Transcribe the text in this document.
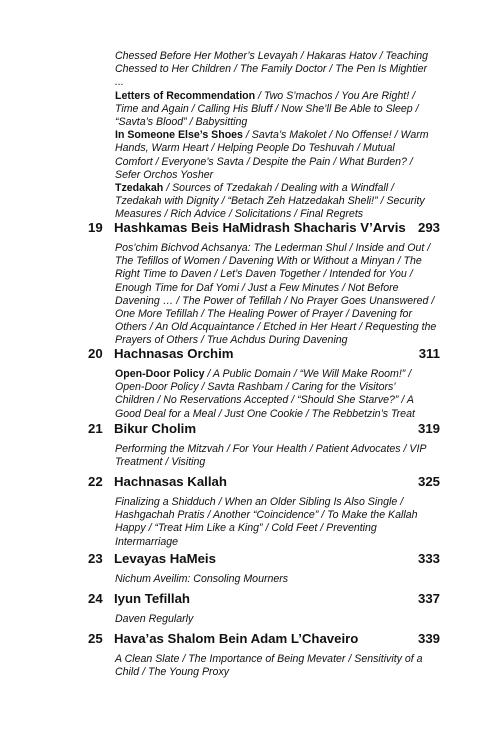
Chessed Before Her Mother’s Levayah / Hakaras Hatov / Teaching Chessed to Her Children / The Family Doctor / The Pen Is Mightier ...

Letters of Recommendation / Two S’machos / You Are Right! / Time and Again / Calling His Bluff / Now She’ll Be Able to Sleep / “Savta’s Blood” / Babysitting

In Someone Else’s Shoes / Savta’s Makolet / No Offense! / Warm Hands, Warm Heart / Helping People Do Teshuvah / Mutual Comfort / Everyone’s Savta / Despite the Pain / What Burden? / Sefer Orchos Yosher

Tzedakah / Sources of Tzedakah / Dealing with a Windfall / Tzedakah with Dignity / “Betach Zeh Hatzedakah Sheli!” / Security Measures / Rich Advice / Solicitations / Final Regrets

19 Hashkamas Beis HaMidrash Shacharis V’Arvis 293
Pos’chim Bichvod Achsanya: The Lederman Shul / Inside and Out / The Tefillos of Women / Davening With or Without a Minyan / The Right Time to Daven / Let’s Daven Together / Intended for You / Enough Time for Daf Yomi / Just a Few Minutes / Not Before Davening … / The Power of Tefillah / No Prayer Goes Unanswered / One More Tefillah / The Healing Power of Prayer / Davening for Others / An Old Acquaintance / Etched in Her Heart / Requesting the Prayers of Others / True Achdus During Davening
20 Hachnasas Orchim	311
Open-Door Policy / A Public Domain / “We Will Make Room!” / Open-Door Policy / Savta Rashbam / Caring for the Visitors’ Children / No Reservations Accepted / “Should She Starve?” / A Good Deal for a Meal / Just One Cookie / The Rebbetzin’s Treat
21 Bikur Cholim	319
Performing the Mitzvah / For Your Health / Patient Advocates / VIP Treatment / Visiting
22 Hachnasas Kallah	325
Finalizing a Shidduch / When an Older Sibling Is Also Single / Hashgachah Pratis / Another “Coincidence” / To Make the Kallah Happy / “Treat Him Like a King” / Cold Feet / Preventing Intermarriage
23 Levayas HaMeis	333
Nichum Aveilim: Consoling Mourners
24 Iyun Tefillah	337
Daven Regularly
25 Hava’as Shalom Bein Adam L’Chaveiro	339
A Clean Slate / The Importance of Being Mevater / Sensitivity of a Child / The Young Proxy
